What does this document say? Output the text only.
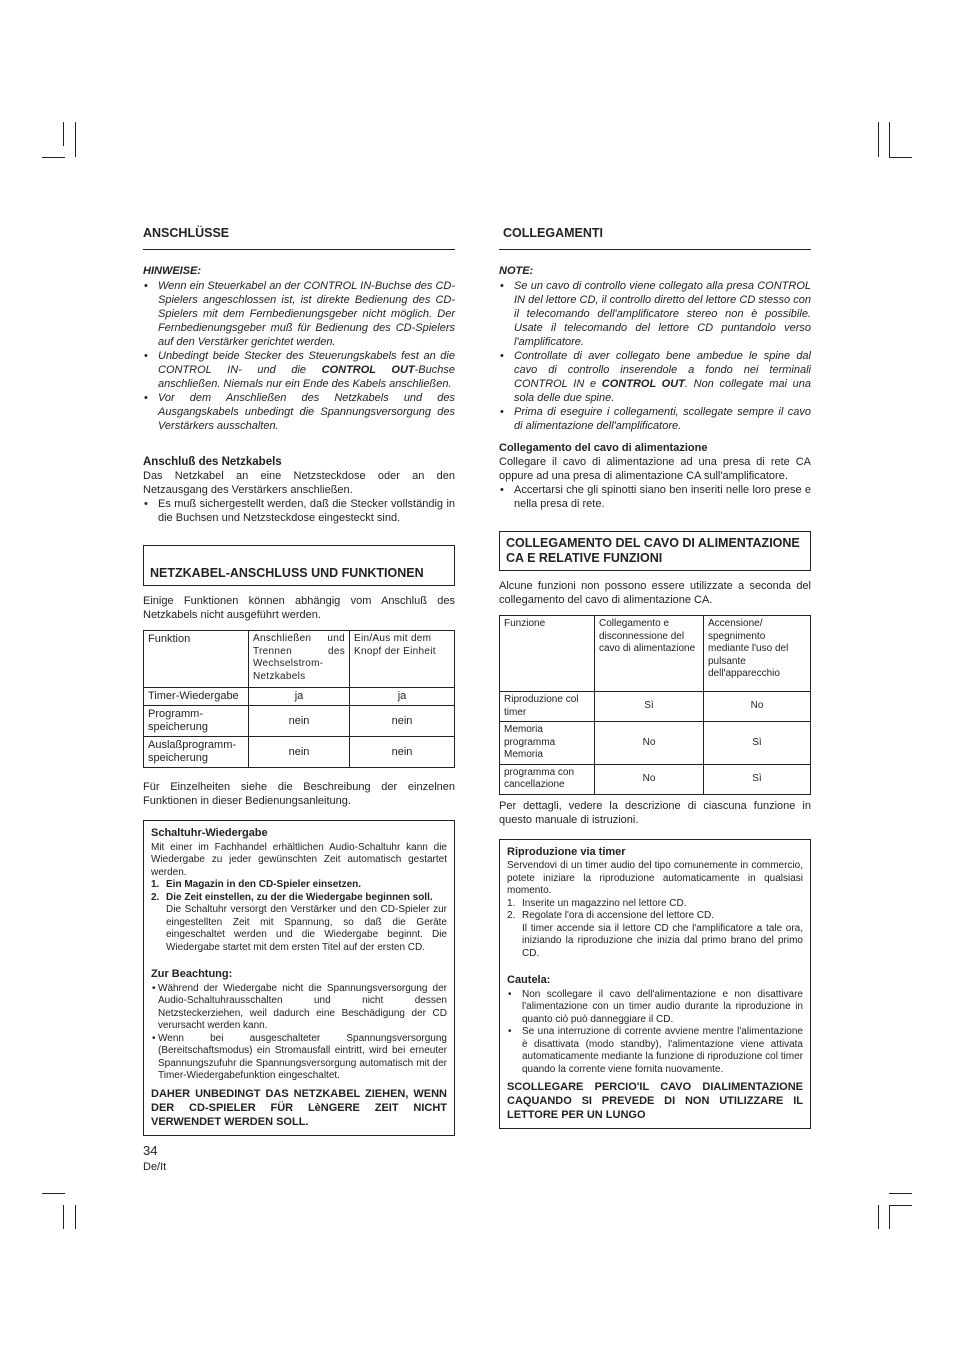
ANSCHLÜSSE
HINWEISE:
• Wenn ein Steuerkabel an der CONTROL IN-Buchse des CD-Spielers angeschlossen ist, ist direkte Bedienung des CD-Spielers mit dem Fernbedienungsgeber nicht möglich. Der Fernbedienungsgeber muß für Bedienung des CD-Spielers auf den Verstärker gerichtet werden.
• Unbedingt beide Stecker des Steuerungskabels fest an die CONTROL IN- und die CONTROL OUT-Buchse anschließen. Niemals nur ein Ende des Kabels anschließen.
• Vor dem Anschließen des Netzkabels und des Ausgangskabels unbedingt die Spannungsversorgung des Verstärkers ausschalten.
Anschluß des Netzkabels
Das Netzkabel an eine Netzsteckdose oder an den Netzausgang des Verstärkers anschließen.
• Es muß sichergestellt werden, daß die Stecker vollständig in die Buchsen und Netzsteckdose eingesteckt sind.
NETZKABEL-ANSCHLUSS UND FUNKTIONEN
Einige Funktionen können abhängig vom Anschluß des Netzkabels nicht ausgeführt werden.
Funktion	Anschließen und Trennen des Wechselstrom-Netzkabels	Ein/Aus mit dem Knopf der Einheit
Timer-Wiedergabe	ja	ja
Programm-speicherung	nein	nein
Auslaßprogramm-speicherung	nein	nein
Für Einzelheiten siehe die Beschreibung der einzelnen Funktionen in dieser Bedienungsanleitung.
Schaltuhr-Wiedergabe
Mit einer im Fachhandel erhältlichen Audio-Schaltuhr kann die Wiedergabe zu jeder gewünschten Zeit automatisch gestartet werden.
1. Ein Magazin in den CD-Spieler einsetzen.
2. Die Zeit einstellen, zu der die Wiedergabe beginnen soll.
Die Schaltuhr versorgt den Verstärker und den CD-Spieler zur eingestellten Zeit mit Spannung, so daß die Geräte eingeschaltet werden und die Wiedergabe beginnt. Die Wiedergabe startet mit dem ersten Titel auf der ersten CD.
Zur Beachtung:
• Während der Wiedergabe nicht die Spannungsversorgung der Audio-Schaltuhrausschalten und nicht dessen Netzsteckerziehen, weil dadurch eine Beschädigung der CD verursacht werden kann.
• Wenn bei ausgeschalteter Spannungsversorgung (Bereitschaftsmodus) ein Stromausfall eintritt, wird bei erneuter Spannungszufuhr die Spannungsversorgung automatisch mit der Timer-Wiedergabefunktion eingeschaltet.
DAHER UNBEDINGT DAS NETZKABEL ZIEHEN, WENN DER CD-SPIELER FÜR LèNGERE ZEIT NICHT VERWENDET WERDEN SOLL.
COLLEGAMENTI
NOTE:
• Se un cavo di controllo viene collegato alla presa CONTROL IN del lettore CD, il controllo diretto del lettore CD stesso con il telecomando dell'amplificatore stereo non è possibile. Usate il telecomando del lettore CD puntandolo verso l'amplificatore.
• Controllate di aver collegato bene ambedue le spine dal cavo di controllo inserendole a fondo nei terminali CONTROL IN e CONTROL OUT. Non collegate mai una sola delle due spine.
• Prima di eseguire i collegamenti, scollegate sempre il cavo di alimentazione dell'amplificatore.
Collegamento del cavo di alimentazione
Collegare il cavo di alimentazione ad una presa di rete CA oppure ad una presa di alimentazione CA sull'amplificatore.
• Accertarsi che gli spinotti siano ben inseriti nelle loro prese e nella presa di rete.
COLLEGAMENTO DEL CAVO DI ALIMENTAZIONE CA E RELATIVE FUNZIONI
Alcune funzioni non possono essere utilizzate a seconda del collegamento del cavo di alimentazione CA.
Funzione	Collegamento e disconnessione del cavo di alimentazione	Accensione/ spegnimento mediante l'uso del pulsante dell'apparecchio
Riproduzione col timer	Sì	No
Memoria programma Memoria	No	Sì
programma con cancellazione	No	Sì
Per dettagli, vedere la descrizione di ciascuna funzione in questo manuale di istruzioni.
Riproduzione via timer
Servendovi di un timer audio del tipo comunemente in commercio, potete iniziare la riproduzione automaticamente in qualsiasi momento.
1. Inserite un magazzino nel lettore CD.
2. Regolate l'ora di accensione del lettore CD.
Il timer accende sia il lettore CD che l'amplificatore a tale ora, iniziando la riproduzione che inizia dal primo brano del primo CD.
Cautela:
• Non scollegare il cavo dell'alimentazione e non disattivare l'alimentazione con un timer audio durante la riproduzione in quanto ciò può danneggiare il CD.
• Se una interruzione di corrente avviene mentre l'alimentazione è disattivata (modo standby), l'alimentazione viene attivata automaticamente mediante la funzione di riproduzione col timer quando la corrente viene fornita nuovamente.
SCOLLEGARE PERCIO'IL CAVO DIALIMENTAZIONE CAQUANDO SI PREVEDE DI NON UTILIZZARE IL LETTORE PER UN LUNGO
34
De/It
